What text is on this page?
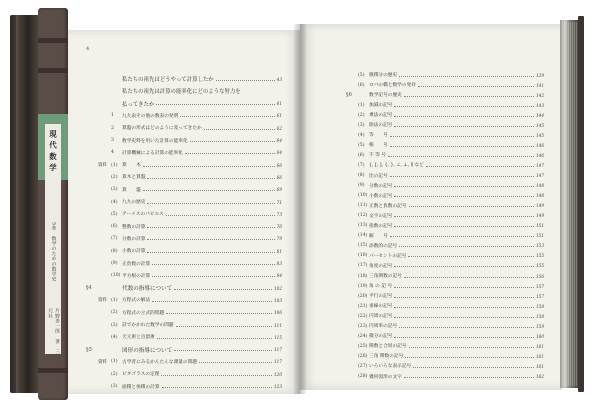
現 代 数 学
5巻　数学のための数学史
片野善一郎　著　三元社
4
私たちの祖先はどうやって計算したか	43
私たちの祖先は計算の能率化にどのような努力を
払ってきたか	61
1	九九表その他の数表の発明	61
2	算盤の形式はどのように変ってきたか	62
3	数学史料を用いた計算の能率化	64
4	計算機械による計算の能率化	64
資料 (1) 算　　木	66
(2) 算木と算盤	66
(3) 算　　盤	69
(4) 九九の歴史	71
(5) アーメスのパピルス	73
(6) 整数の計算	76
(7) 分数の計算	79
(8) 小数の計算	81
(9) 正負数の計算	83
(10) 平方根の計算	84
§4	代数の指導について	102
資料 (1) 方程式の解法	103
(2) 方程式の立式的問題	106
(3) 詩でかかれた数学の問題	111
(4) 天元術と点竄術	115
§5	図形の指導について	117
資料 (1) 古学者にみるかんたんな測量の問題	117
(2) ピタゴラスの定理	120
(3) 面積と体積の計算	123
(5) 微積分の歴史	129
(6) ロバの橋と数学の発祥	141
§6	数学記号の歴史	142
(1) 加減の記号	143
(2) 乗法の記号	144
(3) 除法の記号	145
(4) 等　　号	145
(5) 根　　号	146
(6) 不 等 号	146
(7) {, [, ], {, }, ∠, ⊥, ∥ など	147
(8) 比の記号	147
(9) 分数の記号	148
(10) 小数の記号	148
(11) 正数と負数の記号	149
(12) 文字の記号	149
(13) 指数の記号	151
(14) 解　　号	151
(15) 添数的の記号	153
(16) パーセントの記号	155
(17) 角度の記号	155
(18) 三角関数の記号	156
(19) 角 の 記 号	157
(20) 平行の記号	157
(21) 垂線の記号	158
(22) 円周の記号	158
(23) 円周率の記号	159
(24) 微分の記号	160
(25) 関数と合同の記号	161
(26) 三角 関数の記号	161
(27) いろいろな表示記号	161
(28) 幾何図形の文字	162
